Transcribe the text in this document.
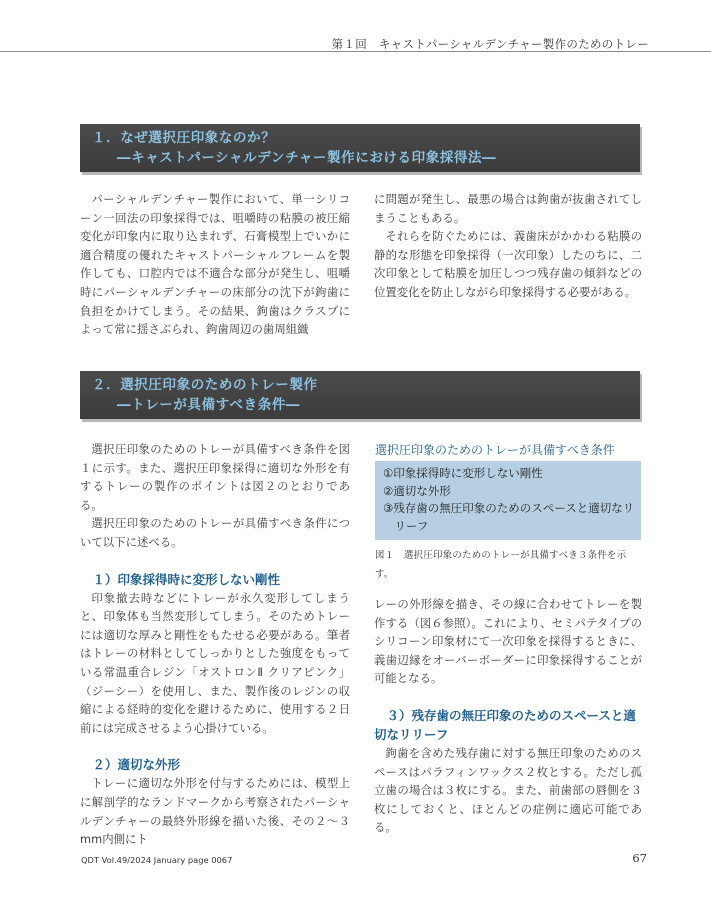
第１回　キャストパーシャルデンチャー製作のためのトレー
１．なぜ選択圧印象なのか？
―キャストパーシャルデンチャー製作における印象採得法―

パーシャルデンチャー製作において、単一シリコーン一回法の印象採得では、咀嚼時の粘膜の被圧縮変化が印象内に取り込まれず、石膏模型上でいかに適合精度の優れたキャストパーシャルフレームを製作しても、口腔内では不適合な部分が発生し、咀嚼時にパーシャルデンチャーの床部分の沈下が鉤歯に負担をかけてしまう。その結果、鉤歯はクラスプによって常に揺さぶられ、鉤歯周辺の歯周組織

に問題が発生し、最悪の場合は鉤歯が抜歯されてしまうこともある。

それらを防ぐためには、義歯床がかかわる粘膜の静的な形態を印象採得（一次印象）したのちに、二次印象として粘膜を加圧しつつ残存歯の傾斜などの位置変化を防止しながら印象採得する必要がある。

２．選択圧印象のためのトレー製作
―トレーが具備すべき条件―

選択圧印象のためのトレーが具備すべき条件を図１に示す。また、選択圧印象採得に適切な外形を有するトレーの製作のポイントは図２のとおりである。

選択圧印象のためのトレーが具備すべき条件について以下に述べる。

１）印象採得時に変形しない剛性

印象撤去時などにトレーが永久変形してしまうと、印象体も当然変形してしまう。そのためトレーには適切な厚みと剛性をもたせる必要がある。筆者はトレーの材料としてしっかりとした強度をもっている常温重合レジン「オストロンⅡ クリアピンク」（ジーシー）を使用し、また、製作後のレジンの収縮による経時的変化を避けるために、使用する２日前には完成させるよう心掛けている。

２）適切な外形

トレーに適切な外形を付与するためには、模型上に解剖学的なランドマークから考察されたパーシャルデンチャーの最終外形線を描いた後、その２～３mm内側にト

選択圧印象のためのトレーが具備すべき条件

①印象採得時に変形しない剛性
②適切な外形
③残存歯の無圧印象のためのスペースと適切なリリーフ
図１　選択圧印象のためのトレーが具備すべき３条件を示す。

レーの外形線を描き、その線に合わせてトレーを製作する（図６参照）。これにより、セミパテタイプのシリコーン印象材にて一次印象を採得するときに、義歯辺縁をオーバーボーダーに印象採得することが可能となる。

３）残存歯の無圧印象のためのスペースと適切なリリーフ

鉤歯を含めた残存歯に対する無圧印象のためのスペースはパラフィンワックス２枚とする。ただし孤立歯の場合は３枚にする。また、前歯部の唇側を３枚にしておくと、ほとんどの症例に適応可能である。

QDT Vol.49/2024 January page 0067	67
